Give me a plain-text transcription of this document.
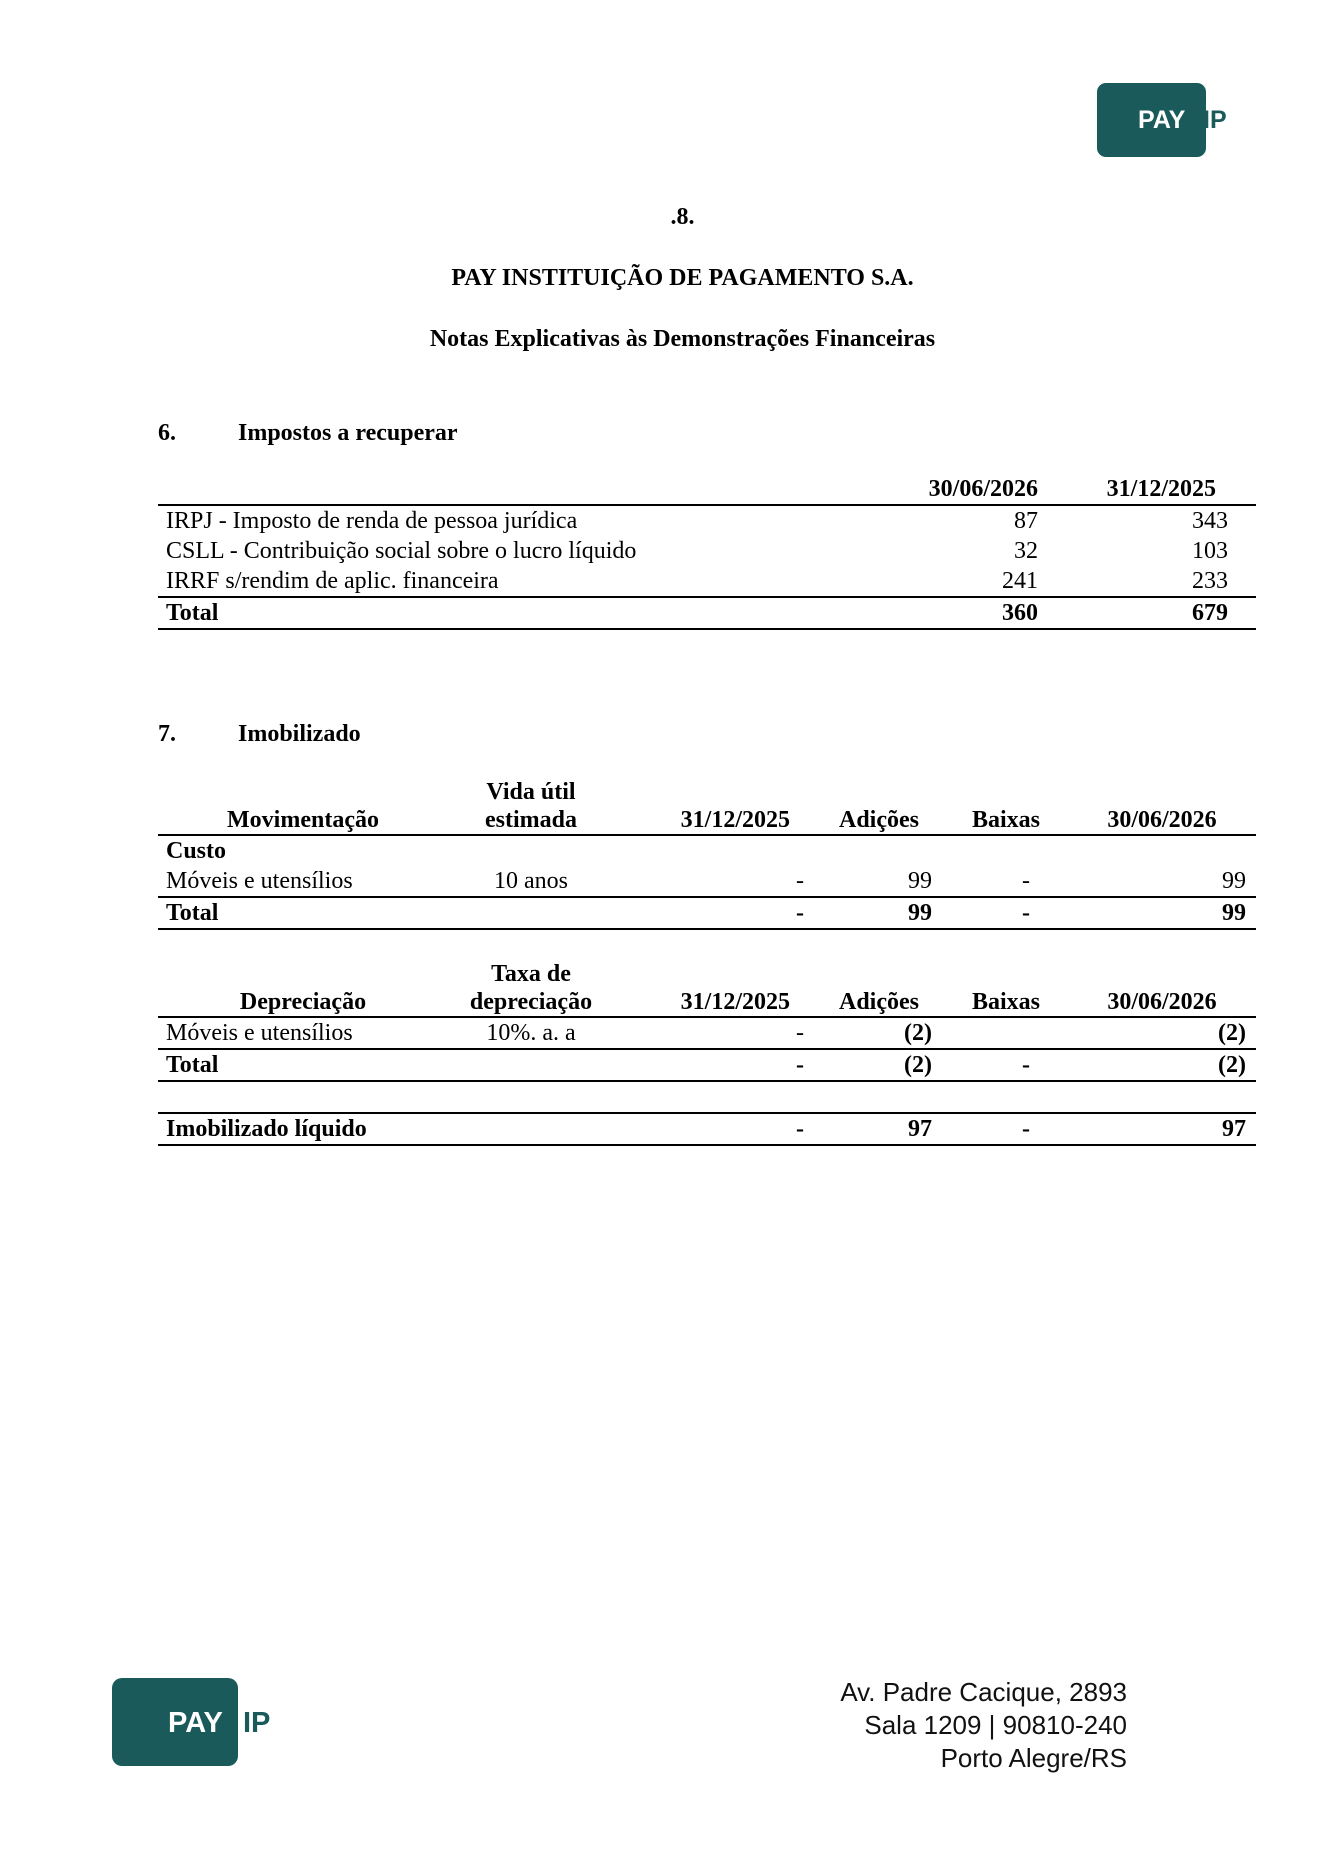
PAY IP
.8.
PAY INSTITUIÇÃO DE PAGAMENTO S.A.
Notas Explicativas às Demonstrações Financeiras
6.	Impostos a recuperar
	30/06/2026	31/12/2025	
IRPJ - Imposto de renda de pessoa jurídica	87	343	
CSLL - Contribuição social sobre o lucro líquido	32	103	
IRRF s/rendim de aplic. financeira	241	233	
Total	360	679	
7.	Imobilizado
	Vida útil				
Movimentação	estimada	31/12/2025	Adições	Baixas	30/06/2026
Custo					
Móveis e utensílios	10 anos	-	99	-	99
Total		-	99	-	99

	Taxa de				
Depreciação	depreciação	31/12/2025	Adições	Baixas	30/06/2026
Móveis e utensílios	10%. a. a	-	(2)		(2)
Total		-	(2)	-	(2)

Imobilizado líquido		-	97	-	97
PAY IP
Av. Padre Cacique, 2893
Sala 1209 | 90810-240
Porto Alegre/RS
